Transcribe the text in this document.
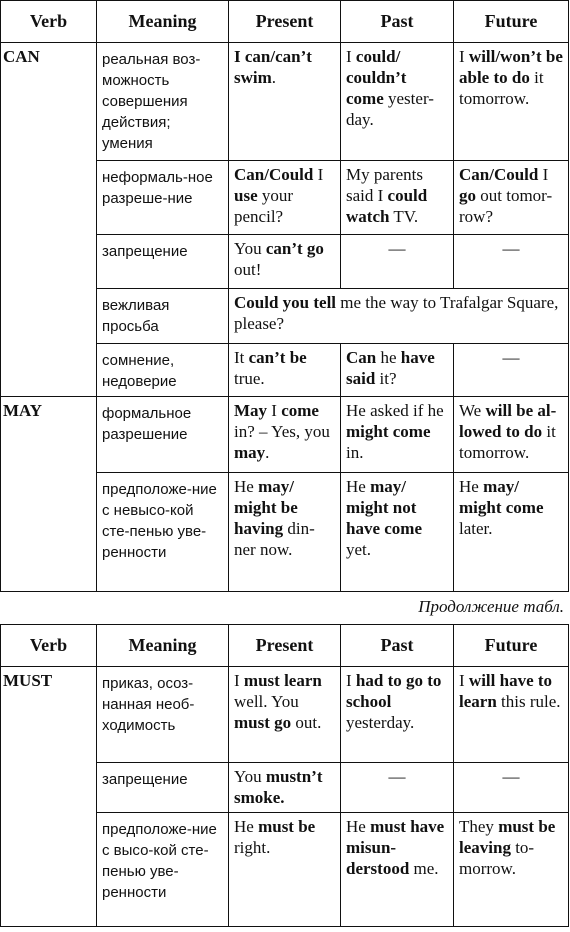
Verb	Meaning	Present	Past	Future
CAN	реальная воз-можность совершения действия; умения	I can/can’t swim.	I could/ couldn’t come yester-day.	I will/won’t be able to do it tomorrow.
	неформаль-ное разреше-ние	Can/Could I use your pencil?	My parents said I could watch TV.	Can/Could I go out tomor-row?
	запрещение	You can’t go out!	—	—
	вежливая просьба	Could you tell me the way to Trafalgar Square, please?		
	сомнение, недоверие	It can’t be true.	Can he have said it?	—
MAY	формальное разрешение	May I come in? – Yes, you may.	He asked if he might come in.	We will be al-lowed to do it tomorrow.
	предположе-ние с невысо-кой сте-пенью уве-ренности	He may/ might be having din-ner now.	He may/ might not have come yet.	He may/ might come later.
Продолжение табл.
Verb	Meaning	Present	Past	Future
MUST	приказ, осоз-нанная необ-ходимость	I must learn well. You must go out.	I had to go to school yesterday.	I will have to learn this rule.
	запрещение	You mustn’t smoke.	—	—
	предположе-ние с высо-кой сте-пенью уве-ренности	He must be right.	He must have misun-derstood me.	They must be leaving to-morrow.
